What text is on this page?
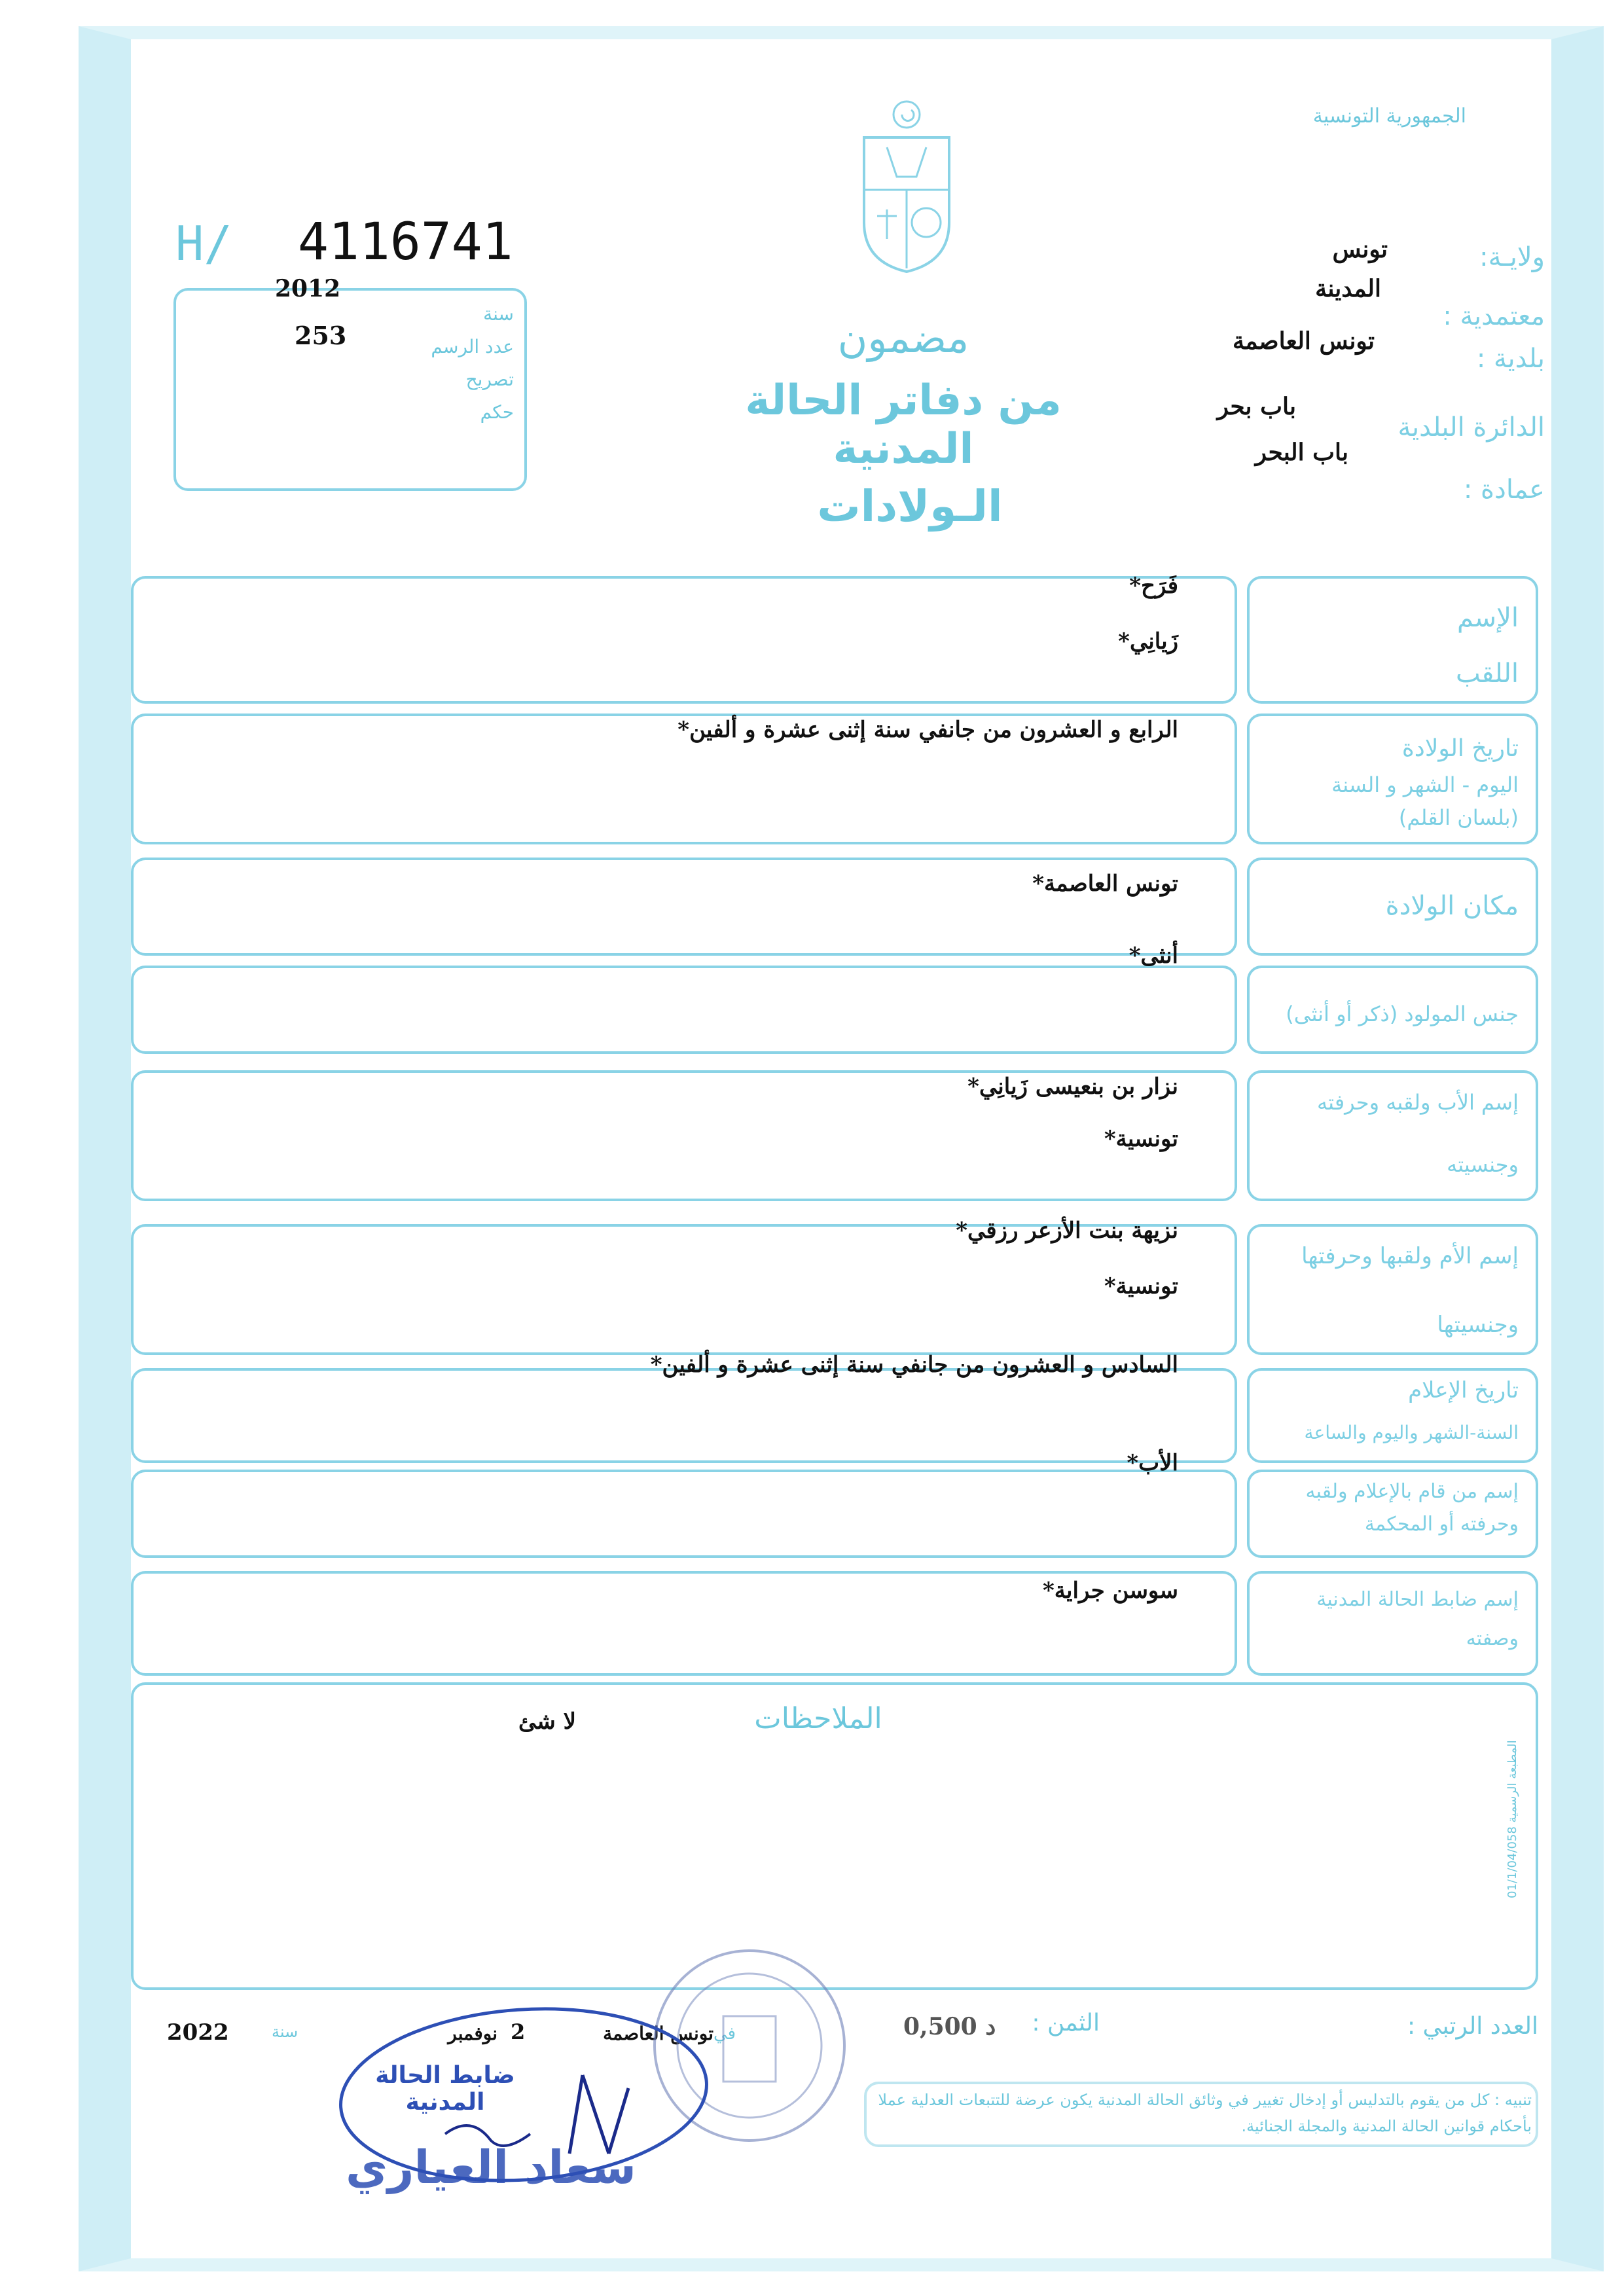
الجمهورية التونسية
H/ 4116741
2012
253
سنة
عدد الرسم
تصريح
حكم
مضمون
من دفاتر الحالة المدنية
الـولادات
ولايـة:
تونس
معتمدية :
المدينة
بلدية :
تونس العاصمة
الدائرة البلدية
باب بحر
عمادة :
باب البحر
الإسم
اللقب
فَرَح*
زَيانِي*
تاريخ الولادة
اليوم - الشهر و السنة
(بلسان القلم)
الرابع و العشرون من جانفي سنة إثنى عشرة و ألفين*
مكان الولادة
تونس العاصمة*
جنس المولود (ذكر أو أنثى)
أنثى*
إسم الأب ولقبه وحرفته
وجنسيته
نزار بن بنعيسى زَيانِي*
تونسية*
إسم الأم ولقبها وحرفتها
وجنسيتها
نزيهة بنت الأزعر رزقي*
تونسية*
تاريخ الإعلام
السنة-الشهر واليوم والساعة
السادس و العشرون من جانفي سنة إثنى عشرة و ألفين*
إسم من قام بالإعلام ولقبه
وحرفته أو المحكمة
الأب*
إسم ضابط الحالة المدنية
وصفته
سوسن جراية*
الملاحظات
لا شئ
المطبعة الرسمية 01/1/04/058
العدد الرتبي :
الثمن :
0,500 د
تونس العاصمة في
2
نوفمبر
سنة
2022
ضابط الحالة المدنية
سعاد العياري
تنبيه : كل من يقوم بالتدليس أو إدخال تغيير في وثائق الحالة المدنية يكون عرضة للتتبعات العدلية عملا بأحكام قوانين الحالة المدنية والمجلة الجنائية.
